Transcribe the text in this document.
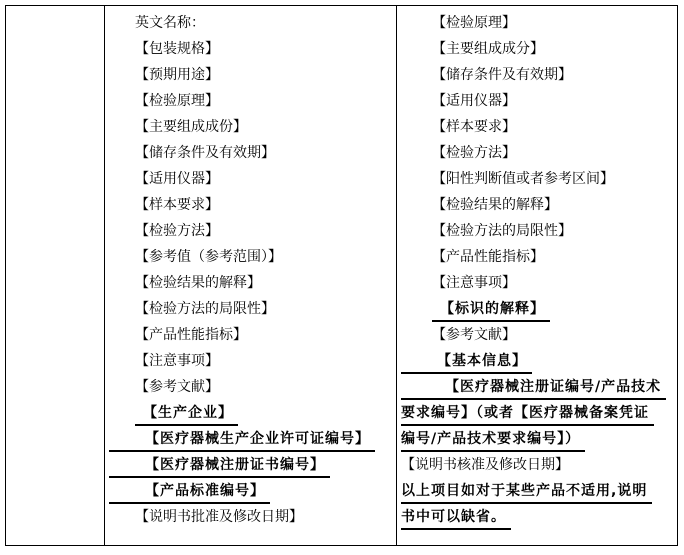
英文名称：
【包装规格】
【预期用途】
【检验原理】
【主要组成成份】
【储存条件及有效期】
【适用仪器】
【样本要求】
【检验方法】
【参考值（参考范围）】
【检验结果的解释】
【检验方法的局限性】
【产品性能指标】
【注意事项】
【参考文献】
【生产企业】
【医疗器械生产企业许可证编号】
【医疗器械注册证书编号】
【产品标准编号】
【说明书批准及修改日期】
【检验原理】
【主要组成成分】
【储存条件及有效期】
【适用仪器】
【样本要求】
【检验方法】
【阳性判断值或者参考区间】
【检验结果的解释】
【检验方法的局限性】
【产品性能指标】
【注意事项】
【标识的解释】
【参考文献】
【基本信息】
【医疗器械注册证编号/产品技术
要求编号】（或者【医疗器械备案凭证
编号/产品技术要求编号】）
【说明书核准及修改日期】
以上项目如对于某些产品不适用,说明
书中可以缺省。
